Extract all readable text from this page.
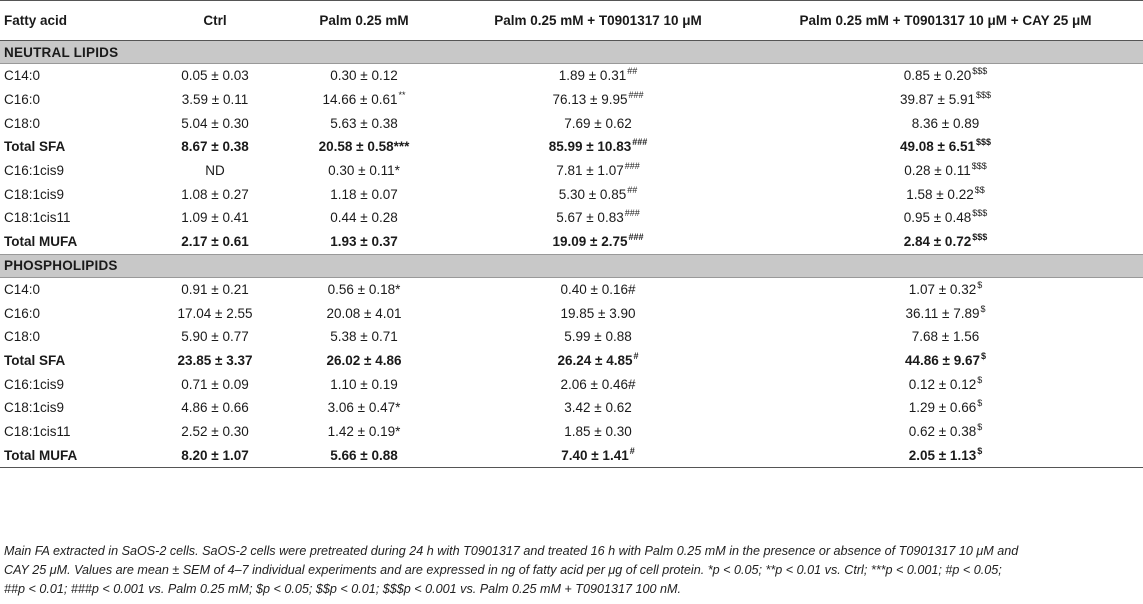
Fatty acid	Ctrl	Palm 0.25 mM	Palm 0.25 mM + T0901317 10 μM	Palm 0.25 mM + T0901317 10 μM + CAY 25 μM
NEUTRAL LIPIDS				
C14:0	0.05 ± 0.03	0.30 ± 0.12	1.89 ± 0.31##	0.85 ± 0.20$$$
C16:0	3.59 ± 0.11	14.66 ± 0.61**	76.13 ± 9.95###	39.87 ± 5.91$$$
C18:0	5.04 ± 0.30	5.63 ± 0.38	7.69 ± 0.62	8.36 ± 0.89
Total SFA	8.67 ± 0.38	20.58 ± 0.58***	85.99 ± 10.83###	49.08 ± 6.51$$$
C16:1cis9	ND	0.30 ± 0.11*	7.81 ± 1.07###	0.28 ± 0.11$$$
C18:1cis9	1.08 ± 0.27	1.18 ± 0.07	5.30 ± 0.85##	1.58 ± 0.22$$
C18:1cis11	1.09 ± 0.41	0.44 ± 0.28	5.67 ± 0.83###	0.95 ± 0.48$$$
Total MUFA	2.17 ± 0.61	1.93 ± 0.37	19.09 ± 2.75###	2.84 ± 0.72$$$
PHOSPHOLIPIDS				
C14:0	0.91 ± 0.21	0.56 ± 0.18*	0.40 ± 0.16#	1.07 ± 0.32$
C16:0	17.04 ± 2.55	20.08 ± 4.01	19.85 ± 3.90	36.11 ± 7.89$
C18:0	5.90 ± 0.77	5.38 ± 0.71	5.99 ± 0.88	7.68 ± 1.56
Total SFA	23.85 ± 3.37	26.02 ± 4.86	26.24 ± 4.85#	44.86 ± 9.67$
C16:1cis9	0.71 ± 0.09	1.10 ± 0.19	2.06 ± 0.46#	0.12 ± 0.12$
C18:1cis9	4.86 ± 0.66	3.06 ± 0.47*	3.42 ± 0.62	1.29 ± 0.66$
C18:1cis11	2.52 ± 0.30	1.42 ± 0.19*	1.85 ± 0.30	0.62 ± 0.38$
Total MUFA	8.20 ± 1.07	5.66 ± 0.88	7.40 ± 1.41#	2.05 ± 1.13$

Main FA extracted in SaOS-2 cells. SaOS-2 cells were pretreated during 24 h with T0901317 and treated 16 h with Palm 0.25 mM in the presence or absence of T0901317 10 μM and

CAY 25 μM. Values are mean ± SEM of 4–7 individual experiments and are expressed in ng of fatty acid per μg of cell protein. *p < 0.05; **p < 0.01 vs. Ctrl; ***p < 0.001; #p < 0.05;

##p < 0.01; ###p < 0.001 vs. Palm 0.25 mM; $p < 0.05; $$p < 0.01; $$$p < 0.001 vs. Palm 0.25 mM + T0901317 100 nM.
